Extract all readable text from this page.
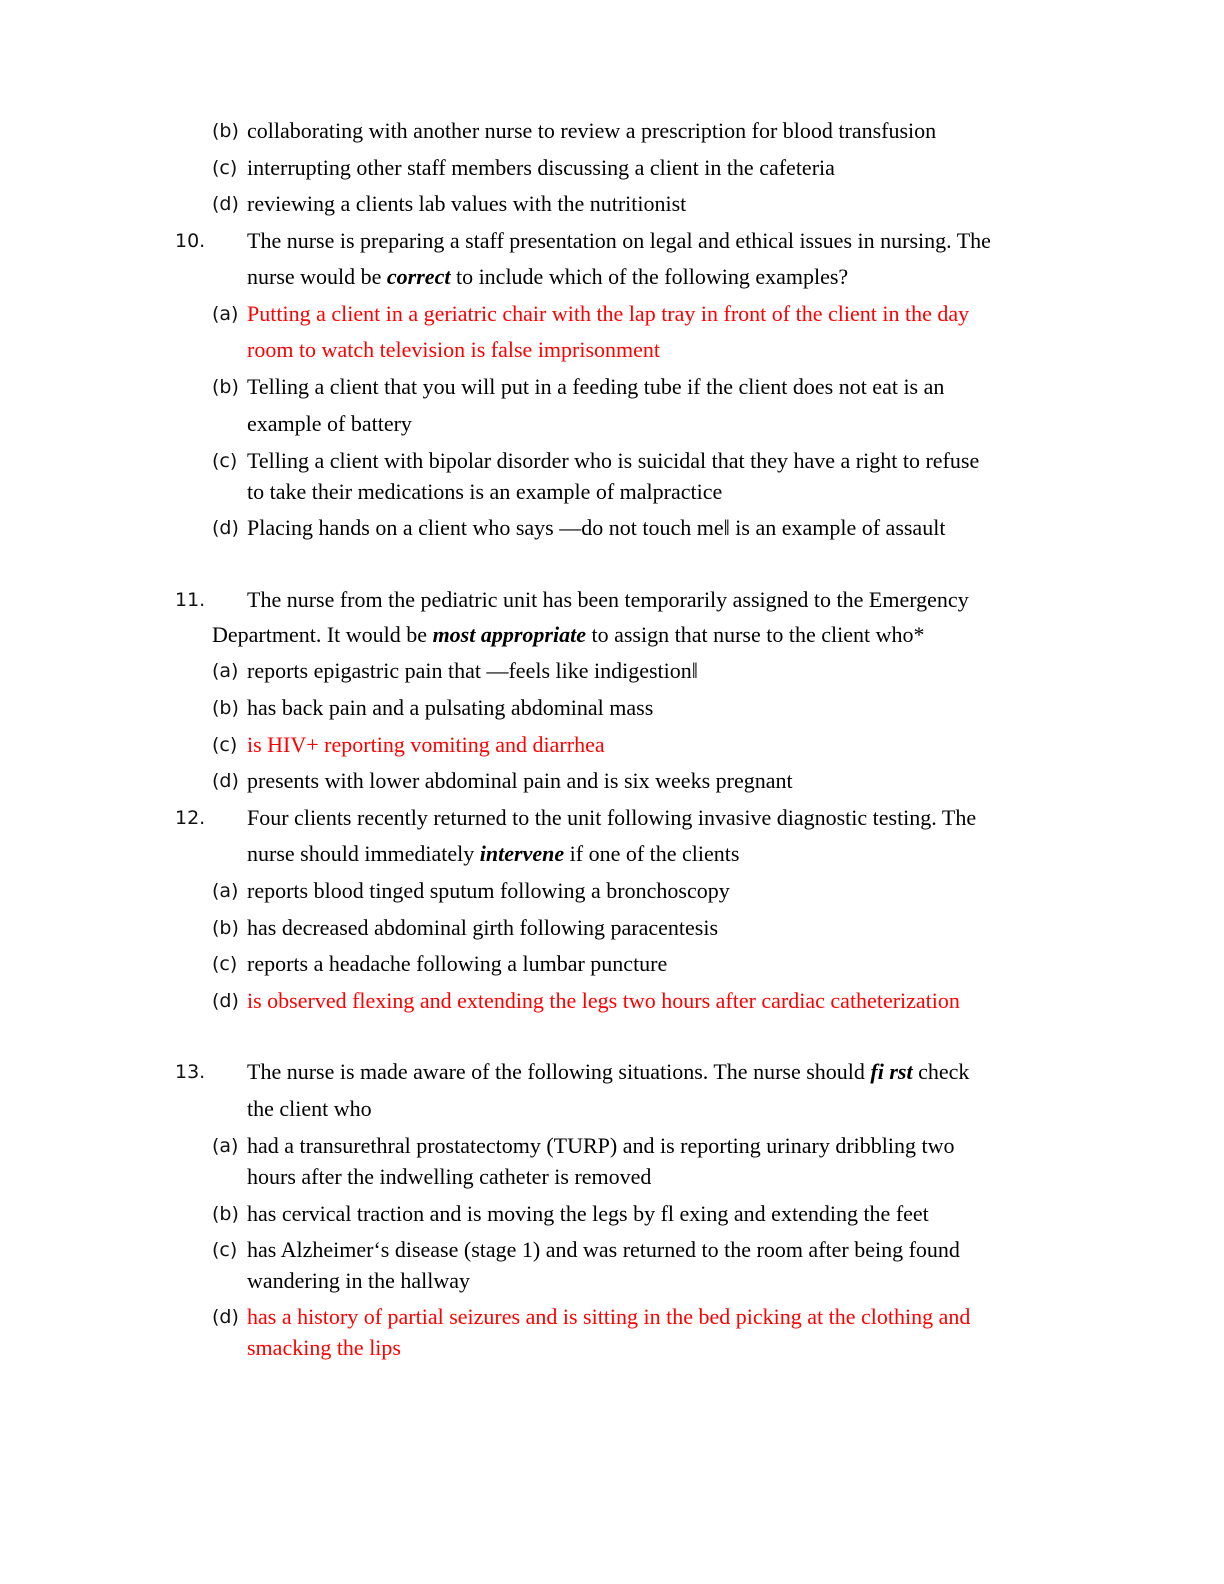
(b) collaborating with another nurse to review a prescription for blood transfusion
(c) interrupting other staff members discussing a client in the cafeteria
(d) reviewing a clients lab values with the nutritionist
10. The nurse is preparing a staff presentation on legal and ethical issues in nursing. The
nurse would be correct to include which of the following examples?
(a) Putting a client in a geriatric chair with the lap tray in front of the client in the day
room to watch television is false imprisonment
(b) Telling a client that you will put in a feeding tube if the client does not eat is an
example of battery
(c) Telling a client with bipolar disorder who is suicidal that they have a right to refuse
to take their medications is an example of malpractice
(d) Placing hands on a client who says —do not touch me‖ is an example of assault
11. The nurse from the pediatric unit has been temporarily assigned to the Emergency
Department. It would be most appropriate to assign that nurse to the client who*
(a) reports epigastric pain that —feels like indigestion‖
(b) has back pain and a pulsating abdominal mass
(c) is HIV+ reporting vomiting and diarrhea
(d) presents with lower abdominal pain and is six weeks pregnant
12. Four clients recently returned to the unit following invasive diagnostic testing. The
nurse should immediately intervene if one of the clients
(a) reports blood tinged sputum following a bronchoscopy
(b) has decreased abdominal girth following paracentesis
(c) reports a headache following a lumbar puncture
(d) is observed flexing and extending the legs two hours after cardiac catheterization
13. The nurse is made aware of the following situations. The nurse should fi rst check
the client who
(a) had a transurethral prostatectomy (TURP) and is reporting urinary dribbling two
hours after the indwelling catheter is removed
(b) has cervical traction and is moving the legs by fl exing and extending the feet
(c) has Alzheimer‘s disease (stage 1) and was returned to the room after being found
wandering in the hallway
(d) has a history of partial seizures and is sitting in the bed picking at the clothing and
smacking the lips
